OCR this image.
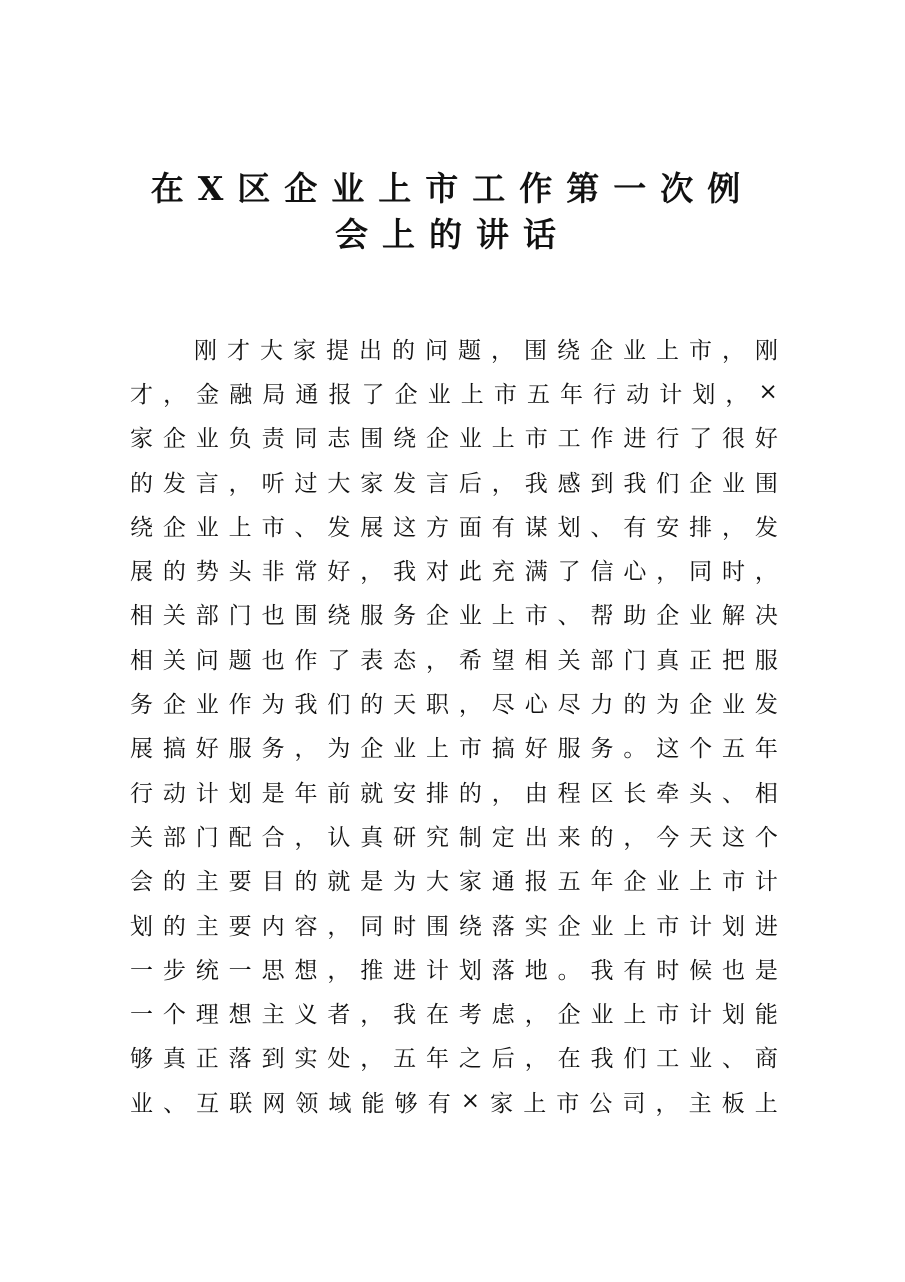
在X区企业上市工作第一次例
会上的讲话
刚 才 大 家 提 出 的 问 题 ， 围 绕 企 业 上 市 ， 刚
才 ， 金 融 局 通 报 了 企 业 上 市 五 年 行 动 计 划 ， ×
家 企 业 负 责 同 志 围 绕 企 业 上 市 工 作 进 行 了 很 好
的 发 言 ， 听 过 大 家 发 言 后 ， 我 感 到 我 们 企 业 围
绕 企 业 上 市 、 发 展 这 方 面 有 谋 划 、 有 安 排 ， 发
展 的 势 头 非 常 好 ， 我 对 此 充 满 了 信 心 ， 同 时 ，
相 关 部 门 也 围 绕 服 务 企 业 上 市 、 帮 助 企 业 解 决
相 关 问 题 也 作 了 表 态 ， 希 望 相 关 部 门 真 正 把 服
务 企 业 作 为 我 们 的 天 职 ， 尽 心 尽 力 的 为 企 业 发
展 搞 好 服 务 ， 为 企 业 上 市 搞 好 服 务 。 这 个 五 年
行 动 计 划 是 年 前 就 安 排 的 ， 由 程 区 长 牵 头 、 相
关 部 门 配 合 ， 认 真 研 究 制 定 出 来 的 ， 今 天 这 个
会 的 主 要 目 的 就 是 为 大 家 通 报 五 年 企 业 上 市 计
划 的 主 要 内 容 ， 同 时 围 绕 落 实 企 业 上 市 计 划 进
一 步 统 一 思 想 ， 推 进 计 划 落 地 。 我 有 时 候 也 是
一 个 理 想 主 义 者 ， 我 在 考 虑 ， 企 业 上 市 计 划 能
够 真 正 落 到 实 处 ， 五 年 之 后 ， 在 我 们 工 业 、 商
业 、 互 联 网 领 域 能 够 有 × 家 上 市 公 司 ， 主 板 上
